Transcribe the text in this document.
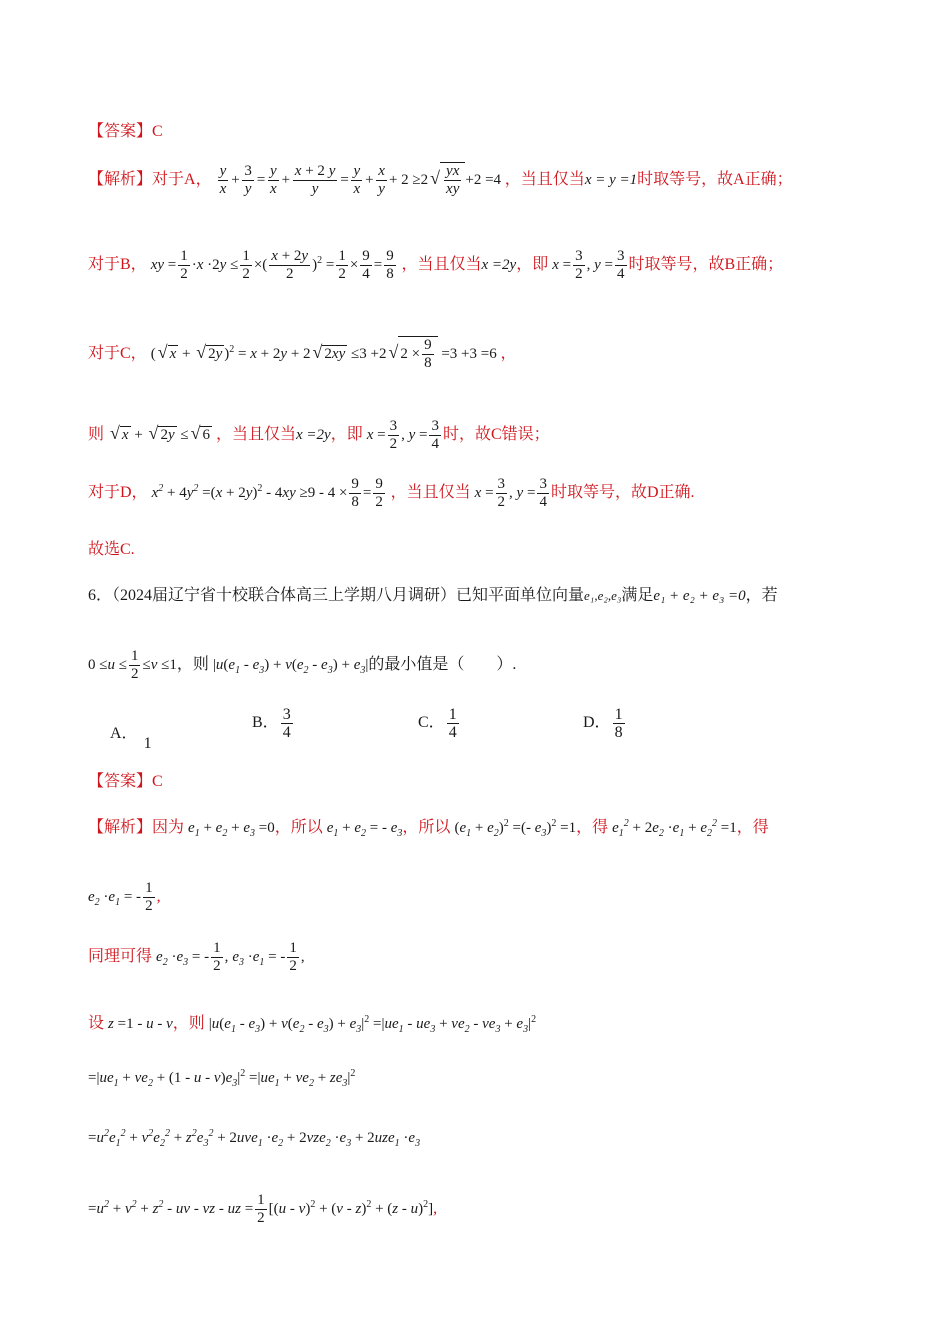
【答案】C
【解析】对于A， $\frac{y}{x} + \frac{3}{y} = \frac{y}{x} + \frac{x + 2 y}{y} = \frac{y}{x} + \frac{x}{y} + 2 \ge 2$ √ $\frac{yx}{xy} +2 =4$ ，当且仅当x = y =1时取等号，故A正确；
对于B， xy = $\frac{1}{2} \cdot x \cdot 2y \le \frac{1}{2}$ ×( $\frac{x + 2y}{2} )^2 = \frac{1}{2} \times \frac{9}{4} = \frac{9}{8}$ ，当且仅当x =2y，即 $x = \frac{3}{2}$ , $y = \frac{3}{4}$ 时取等号，故B正确；
对于C， ( √ x + √ 2y )$^2$ = x + 2y + 2 √ 2xy ≤3 +2 √ $2 \times \frac{9}{8} =3 +3 =6$ ，
则 √ x + √ 2y ≤ √ 6 ，当且仅当x =2y，即 $x = \frac{3}{2}$ , $y = \frac{3}{4}$ 时，故C错误；
对于D， $x^2 + 4y^2 =(x + 2y)^2 - 4xy \ge 9 - 4 \times \frac{9}{8} = \frac{9}{2}$ ，当且仅当 $x = \frac{3}{2}$ , $y = \frac{3}{4}$ 时取等号，故D正确.
故选C.
6．（2024届辽宁省十校联合体高三上学期八月调研）已知平面单位向量e₁,e₂,e₃满足e₁ + e₂ + e₃ =0，若
$0 \le u \le \frac{1}{2} \le v \le 1$，则 $|u(e_1 - e_3) + v(e_2 - e_3) + e_3|$的最小值是（　　）.
A．1
B． $\frac{3}{4}$	C． $\frac{1}{4}$	D． $\frac{1}{8}$
【答案】C
【解析】因为 $e_1 + e_2 + e_3 =0$，所以 $e_1 + e_2$ = - $e_3$，所以 $(e_1 + e_2)^2$ =(- $e_3)^2 =1$，得 $e_1^2 + 2e_2 \cdot e_1 + e_2^2 =1$，得
$e_2 \cdot e_1$ = - $\frac{1}{2}$ ,
同理可得 $e_2 \cdot e_3$ = - $\frac{1}{2}$ , $e_3 \cdot e_1$ = - $\frac{1}{2}$ ,
设 z =1 - u - v，则 $|u(e_1 - e_3) + v(e_2 - e_3) + e_3|^2 =|ue_1 - ue_3 + ve_2 - ve_3 + e_3|^2$
$=|ue_1 + ve_2 + (1 - u - v)e_3|^2 =|ue_1 + ve_2 + ze_3|^2$
$=u^2e_1^2 + v^2e_2^2 + z^2e_3^2 + 2uve_1 \cdot e_2 + 2vze_2 \cdot e_3 + 2uze_1 \cdot e_3$
$=u^2 + v^2 + z^2$ - uv - vz - uz = $\frac{1}{2} [(u - v)^2 + (v - z)^2 + (z - u)^2]$,
